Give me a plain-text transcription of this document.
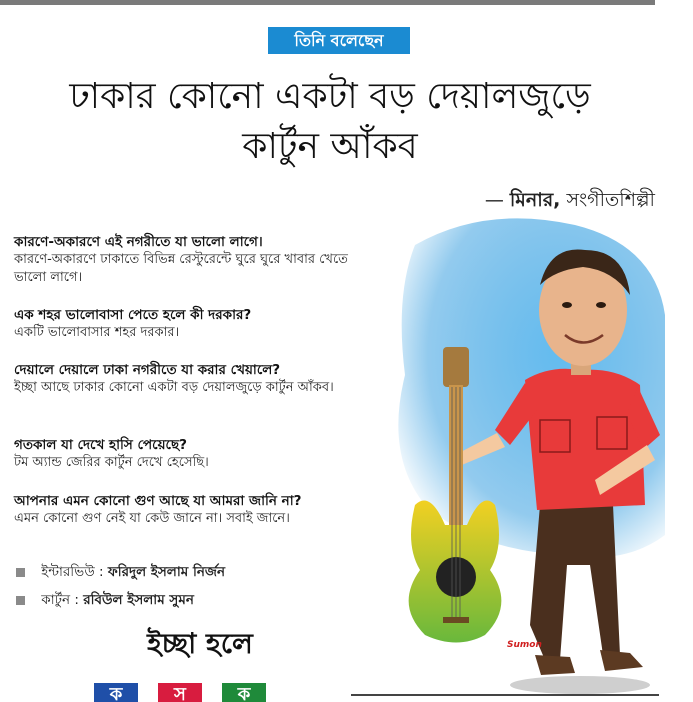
তিনি বলেছেন
ঢাকার কোনো একটা বড় দেয়ালজুড়ে
কার্টুন আঁকব
— মিনার, সংগীতশিল্পী
কারণে-অকারণে এই নগরীতে যা ভালো লাগে।
কারণে-অকারণে ঢাকাতে বিভিন্ন রেস্টুরেন্টে ঘুরে ঘুরে খাবার খেতে ভালো লাগে।
এক শহর ভালোবাসা পেতে হলে কী দরকার?
একটি ভালোবাসার শহর দরকার।
দেয়ালে দেয়ালে ঢাকা নগরীতে যা করার খেয়ালে?
ইচ্ছা আছে ঢাকার কোনো একটা বড় দেয়ালজুড়ে কার্টুন আঁকব।
গতকাল যা দেখে হাসি পেয়েছে?
টম অ্যান্ড জেরির কার্টুন দেখে হেসেছি।
আপনার এমন কোনো গুণ আছে যা আমরা জানি না?
এমন কোনো গুণ নেই যা কেউ জানে না। সবাই জানে।
ইন্টারভিউ : ফরিদুল ইসলাম নির্জন
কার্টুন : রবিউল ইসলাম সুমন
ইচ্ছা হলে
ক	স	ক
Sumon
